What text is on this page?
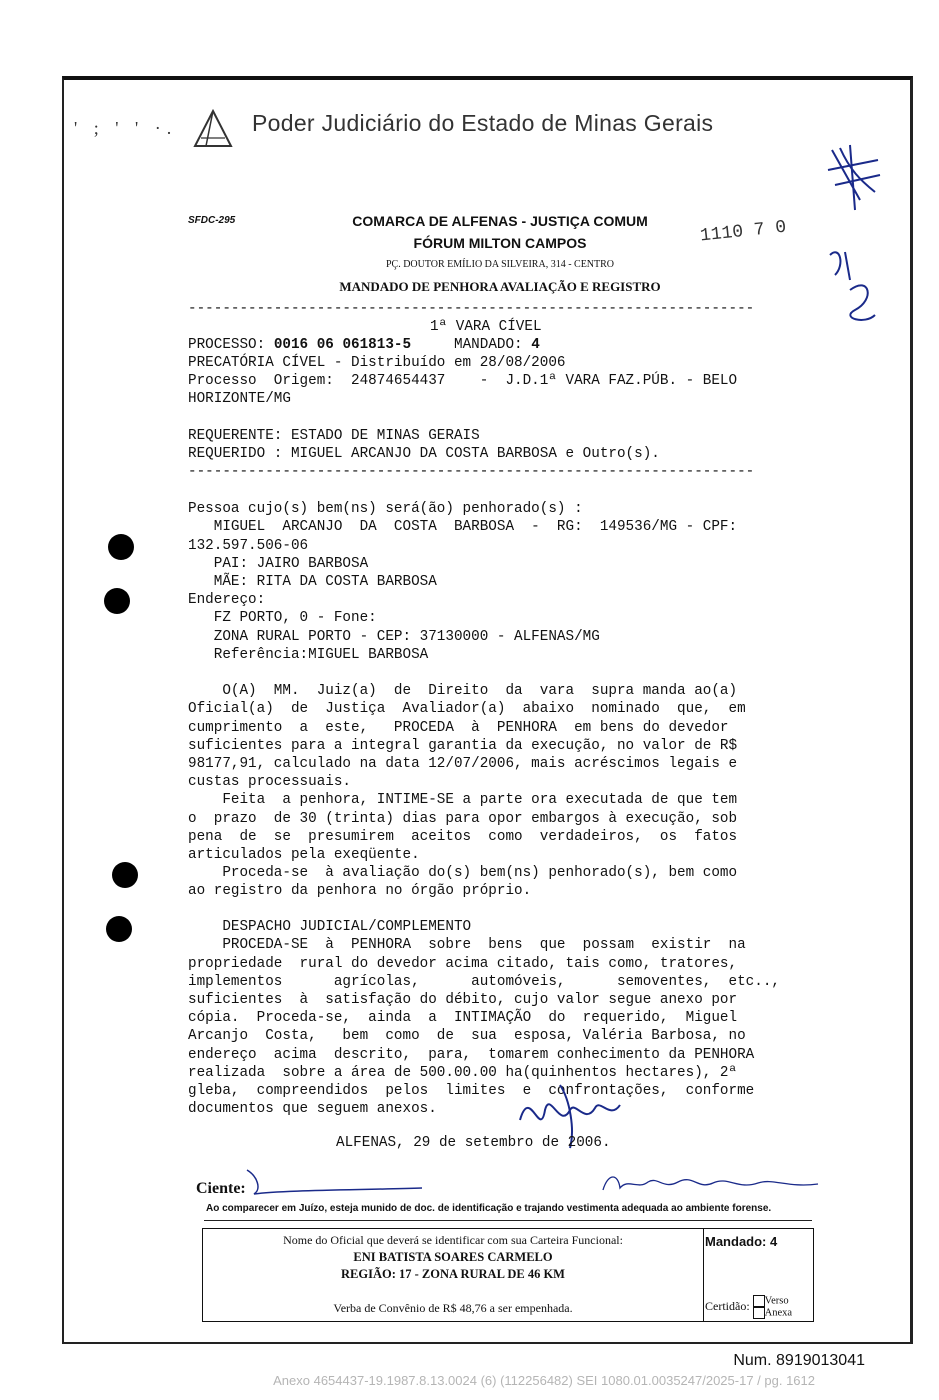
' ; ' ' ·.	Poder Judiciário do Estado de Minas Gerais
SFDC-295	COMARCA DE ALFENAS - JUSTIÇA COMUM
FÓRUM MILTON CAMPOS
PÇ. DOUTOR EMÍLIO DA SILVEIRA, 314 - CENTRO
MANDADO DE PENHORA AVALIAÇÃO E REGISTRO
1110 7 0
------------------------------------------------------------------
1ª VARA CÍVEL
PROCESSO: 0016 06 061813-5	MANDADO: 4
PRECATÓRIA CÍVEL - Distribuído em 28/08/2006
Processo  Origem:  24874654437    -  J.D.1ª VARA FAZ.PÚB. - BELO
HORIZONTE/MG
REQUERENTE: ESTADO DE MINAS GERAIS
REQUERIDO : MIGUEL ARCANJO DA COSTA BARBOSA e Outro(s).
------------------------------------------------------------------

Pessoa cujo(s) bem(ns) será(ão) penhorado(s) :
MIGUEL  ARCANJO  DA  COSTA  BARBOSA  -  RG:  149536/MG - CPF:
132.597.506-06
PAI: JAIRO BARBOSA
MÃE: RITA DA COSTA BARBOSA
Endereço:
FZ PORTO, 0 - Fone:
ZONA RURAL PORTO - CEP: 37130000 - ALFENAS/MG
Referência:MIGUEL BARBOSA

O(A)  MM.  Juiz(a)  de  Direito  da  vara  supra manda ao(a)
Oficial(a)  de  Justiça  Avaliador(a)  abaixo  nominado  que,  em
cumprimento  a  este,   PROCEDA  à  PENHORA  em bens do devedor
suficientes para a integral garantia da execução, no valor de R$
98177,91, calculado na data 12/07/2006, mais acréscimos legais e
custas processuais.
Feita  a penhora, INTIME-SE a parte ora executada de que tem
o  prazo  de 30 (trinta) dias para opor embargos à execução, sob
pena  de  se  presumirem  aceitos  como  verdadeiros,  os  fatos
articulados pela exeqüente.
Proceda-se  à avaliação do(s) bem(ns) penhorado(s), bem como
ao registro da penhora no órgão próprio.

DESPACHO JUDICIAL/COMPLEMENTO
PROCEDA-SE  à  PENHORA  sobre  bens  que  possam  existir  na
propriedade  rural do devedor acima citado, tais como, tratores,
implementos      agrícolas,      automóveis,      semoventes,  etc..,
suficientes  à  satisfação do débito, cujo valor segue anexo por
cópia.  Proceda-se,  ainda  a  INTIMAÇÃO  do  requerido,  Miguel
Arcanjo  Costa,   bem  como  de  sua  esposa, Valéria Barbosa, no
endereço  acima  descrito,  para,  tomarem conhecimento da PENHORA
realizada  sobre a área de 500.00.00 ha(quinhentos hectares), 2ª
gleba,  compreendidos  pelos  limites  e  confrontações,  conforme
documentos que seguem anexos.

ALFENAS, 29 de setembro de 2006.
Ciente:
Ao comparecer em Juízo, esteja munido de doc. de identificação e trajando vestimenta adequada ao ambiente forense.
Nome do Oficial que deverá se identificar com sua Carteira Funcional:
ENI BATISTA SOARES CARMELO
REGIÃO: 17 - ZONA RURAL DE 46 KM
Verba de Convênio de R$ 48,76 a ser empenhada.
Mandado: 4
Certidão: Verso
Anexa
Num. 8919013041
Anexo 4654437-19.1987.8.13.0024 (6) (112256482) SEI 1080.01.0035247/2025-17 / pg. 1612
